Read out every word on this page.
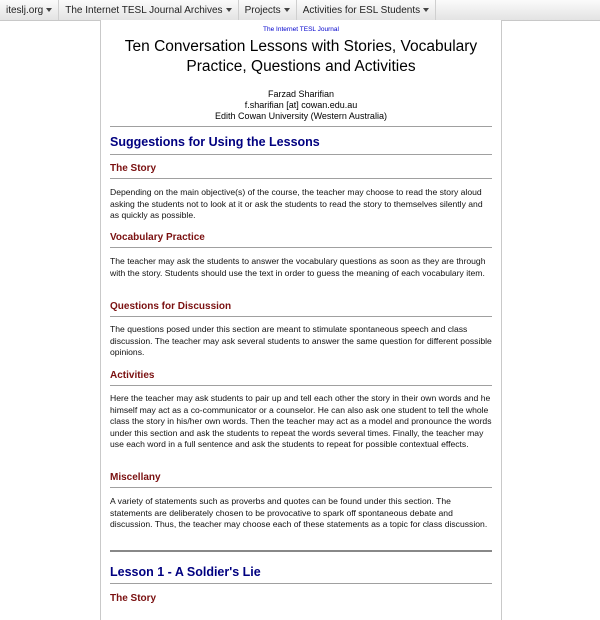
iteslj.org The Internet TESL Journal Archives Projects Activities for ESL Students
The Internet TESL Journal
Ten Conversation Lessons with Stories, Vocabulary Practice, Questions and Activities
Farzad Sharifian
f.sharifian [at] cowan.edu.au
Edith Cowan University (Western Australia)
Suggestions for Using the Lessons
The Story

Depending on the main objective(s) of the course, the teacher may choose to read the story aloud asking the students not to look at it or ask the students to read the story to themselves silently and as quickly as possible.

Vocabulary Practice

The teacher may ask the students to answer the vocabulary questions as soon as they are through with the story. Students should use the text in order to guess the meaning of each vocabulary item.

Questions for Discussion

The questions posed under this section are meant to stimulate spontaneous speech and class discussion. The teacher may ask several students to answer the same question for different possible opinions.

Activities

Here the teacher may ask students to pair up and tell each other the story in their own words and he himself may act as a co-communicator or a counselor. He can also ask one student to tell the whole class the story in his/her own words. Then the teacher may act as a model and pronounce the words under this section and ask the students to repeat the words several times. Finally, the teacher may use each word in a full sentence and ask the students to repeat for possible contextual effects.

Miscellany

A variety of statements such as proverbs and quotes can be found under this section. The statements are deliberately chosen to be provocative to spark off spontaneous debate and discussion. Thus, the teacher may choose each of these statements as a topic for class discussion.

Lesson 1 - A Soldier's Lie
The Story
